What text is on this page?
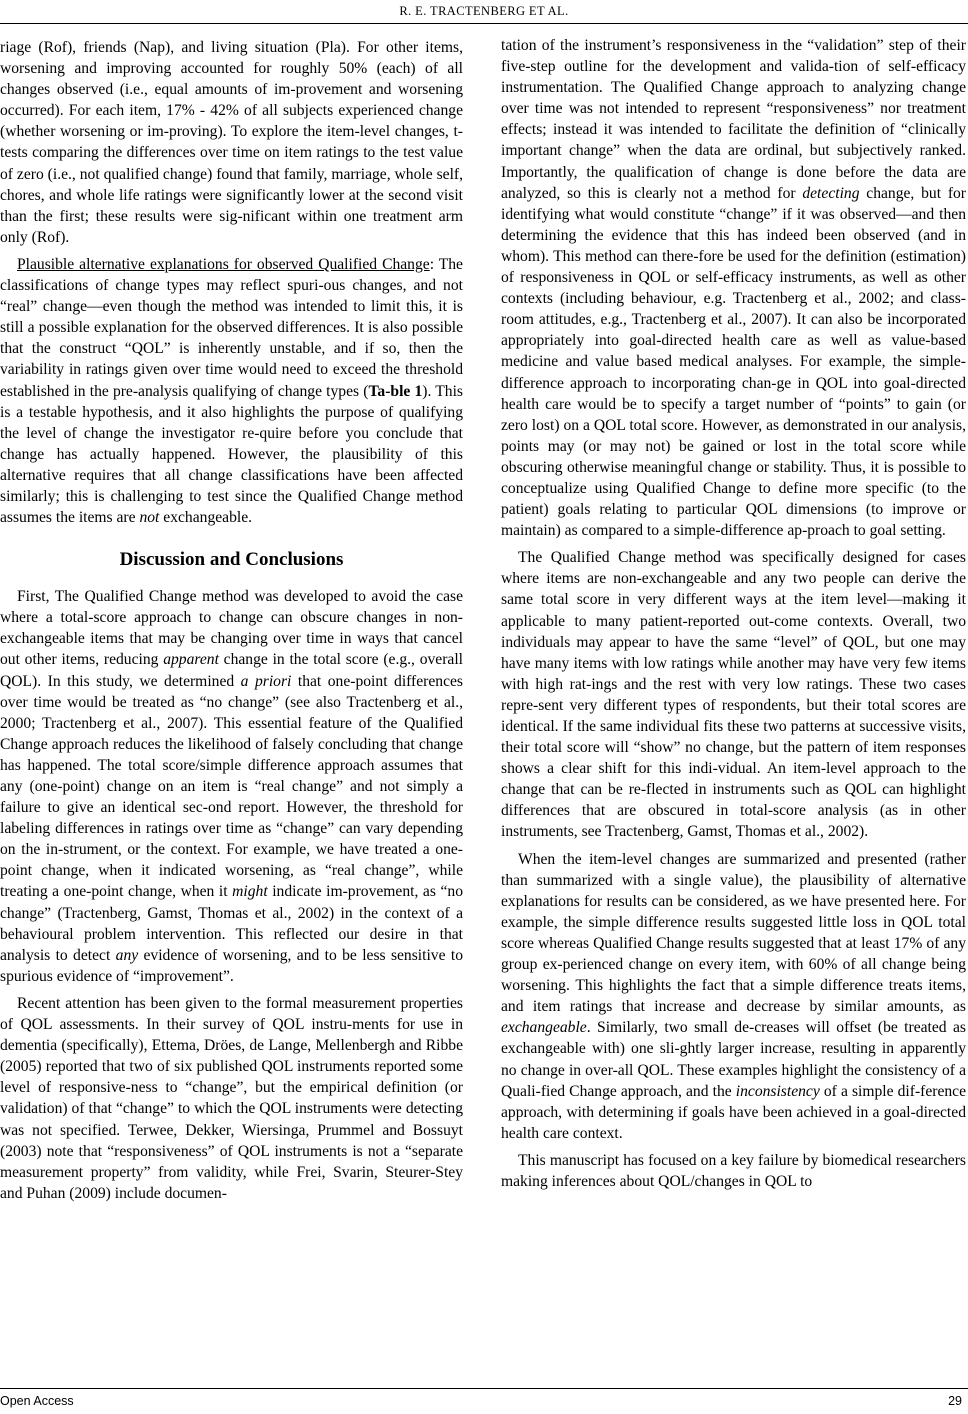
R. E. TRACTENBERG ET AL.

riage (Rof), friends (Nap), and living situation (Pla). For other items, worsening and improving accounted for roughly 50% (each) of all changes observed (i.e., equal amounts of im-provement and worsening occurred). For each item, 17% - 42% of all subjects experienced change (whether worsening or im-proving). To explore the item-level changes, t-tests comparing the differences over time on item ratings to the test value of zero (i.e., not qualified change) found that family, marriage, whole self, chores, and whole life ratings were significantly lower at the second visit than the first; these results were sig-nificant within one treatment arm only (Rof).

Plausible alternative explanations for observed Qualified Change: The classifications of change types may reflect spuri-ous changes, and not “real” change—even though the method was intended to limit this, it is still a possible explanation for the observed differences. It is also possible that the construct “QOL” is inherently unstable, and if so, then the variability in ratings given over time would need to exceed the threshold established in the pre-analysis qualifying of change types (Ta-ble 1). This is a testable hypothesis, and it also highlights the purpose of qualifying the level of change the investigator re-quire before you conclude that change has actually happened. However, the plausibility of this alternative requires that all change classifications have been affected similarly; this is challenging to test since the Qualified Change method assumes the items are not exchangeable.

Discussion and Conclusions

First, The Qualified Change method was developed to avoid the case where a total-score approach to change can obscure changes in non-exchangeable items that may be changing over time in ways that cancel out other items, reducing apparent change in the total score (e.g., overall QOL). In this study, we determined a priori that one-point differences over time would be treated as “no change” (see also Tractenberg et al., 2000; Tractenberg et al., 2007). This essential feature of the Qualified Change approach reduces the likelihood of falsely concluding that change has happened. The total score/simple difference approach assumes that any (one-point) change on an item is “real change” and not simply a failure to give an identical sec-ond report. However, the threshold for labeling differences in ratings over time as “change” can vary depending on the in-strument, or the context. For example, we have treated a one-point change, when it indicated worsening, as “real change”, while treating a one-point change, when it might indicate im-provement, as “no change” (Tractenberg, Gamst, Thomas et al., 2002) in the context of a behavioural problem intervention. This reflected our desire in that analysis to detect any evidence of worsening, and to be less sensitive to spurious evidence of “improvement”.

Recent attention has been given to the formal measurement properties of QOL assessments. In their survey of QOL instru-ments for use in dementia (specifically), Ettema, Dröes, de Lange, Mellenbergh and Ribbe (2005) reported that two of six published QOL instruments reported some level of responsive-ness to “change”, but the empirical definition (or validation) of that “change” to which the QOL instruments were detecting was not specified. Terwee, Dekker, Wiersinga, Prummel and Bossuyt (2003) note that “responsiveness” of QOL instruments is not a “separate measurement property” from validity, while Frei, Svarin, Steurer-Stey and Puhan (2009) include documen-

tation of the instrument’s responsiveness in the “validation” step of their five-step outline for the development and valida-tion of self-efficacy instrumentation. The Qualified Change approach to analyzing change over time was not intended to represent “responsiveness” nor treatment effects; instead it was intended to facilitate the definition of “clinically important change” when the data are ordinal, but subjectively ranked. Importantly, the qualification of change is done before the data are analyzed, so this is clearly not a method for detecting change, but for identifying what would constitute “change” if it was observed—and then determining the evidence that this has indeed been observed (and in whom). This method can there-fore be used for the definition (estimation) of responsiveness in QOL or self-efficacy instruments, as well as other contexts (including behaviour, e.g. Tractenberg et al., 2002; and class-room attitudes, e.g., Tractenberg et al., 2007). It can also be incorporated appropriately into goal-directed health care as well as value-based medicine and value based medical analyses. For example, the simple-difference approach to incorporating chan-ge in QOL into goal-directed health care would be to specify a target number of “points” to gain (or zero lost) on a QOL total score. However, as demonstrated in our analysis, points may (or may not) be gained or lost in the total score while obscuring otherwise meaningful change or stability. Thus, it is possible to conceptualize using Qualified Change to define more specific (to the patient) goals relating to particular QOL dimensions (to improve or maintain) as compared to a simple-difference ap-proach to goal setting.

The Qualified Change method was specifically designed for cases where items are non-exchangeable and any two people can derive the same total score in very different ways at the item level—making it applicable to many patient-reported out-come contexts. Overall, two individuals may appear to have the same “level” of QOL, but one may have many items with low ratings while another may have very few items with high rat-ings and the rest with very low ratings. These two cases repre-sent very different types of respondents, but their total scores are identical. If the same individual fits these two patterns at successive visits, their total score will “show” no change, but the pattern of item responses shows a clear shift for this indi-vidual. An item-level approach to the change that can be re-flected in instruments such as QOL can highlight differences that are obscured in total-score analysis (as in other instruments, see Tractenberg, Gamst, Thomas et al., 2002).

When the item-level changes are summarized and presented (rather than summarized with a single value), the plausibility of alternative explanations for results can be considered, as we have presented here. For example, the simple difference results suggested little loss in QOL total score whereas Qualified Change results suggested that at least 17% of any group ex-perienced change on every item, with 60% of all change being worsening. This highlights the fact that a simple difference treats items, and item ratings that increase and decrease by similar amounts, as exchangeable. Similarly, two small de-creases will offset (be treated as exchangeable with) one sli-ghtly larger increase, resulting in apparently no change in over-all QOL. These examples highlight the consistency of a Quali-fied Change approach, and the inconsistency of a simple dif-ference approach, with determining if goals have been achieved in a goal-directed health care context.

This manuscript has focused on a key failure by biomedical researchers making inferences about QOL/changes in QOL to

Open Access	29
